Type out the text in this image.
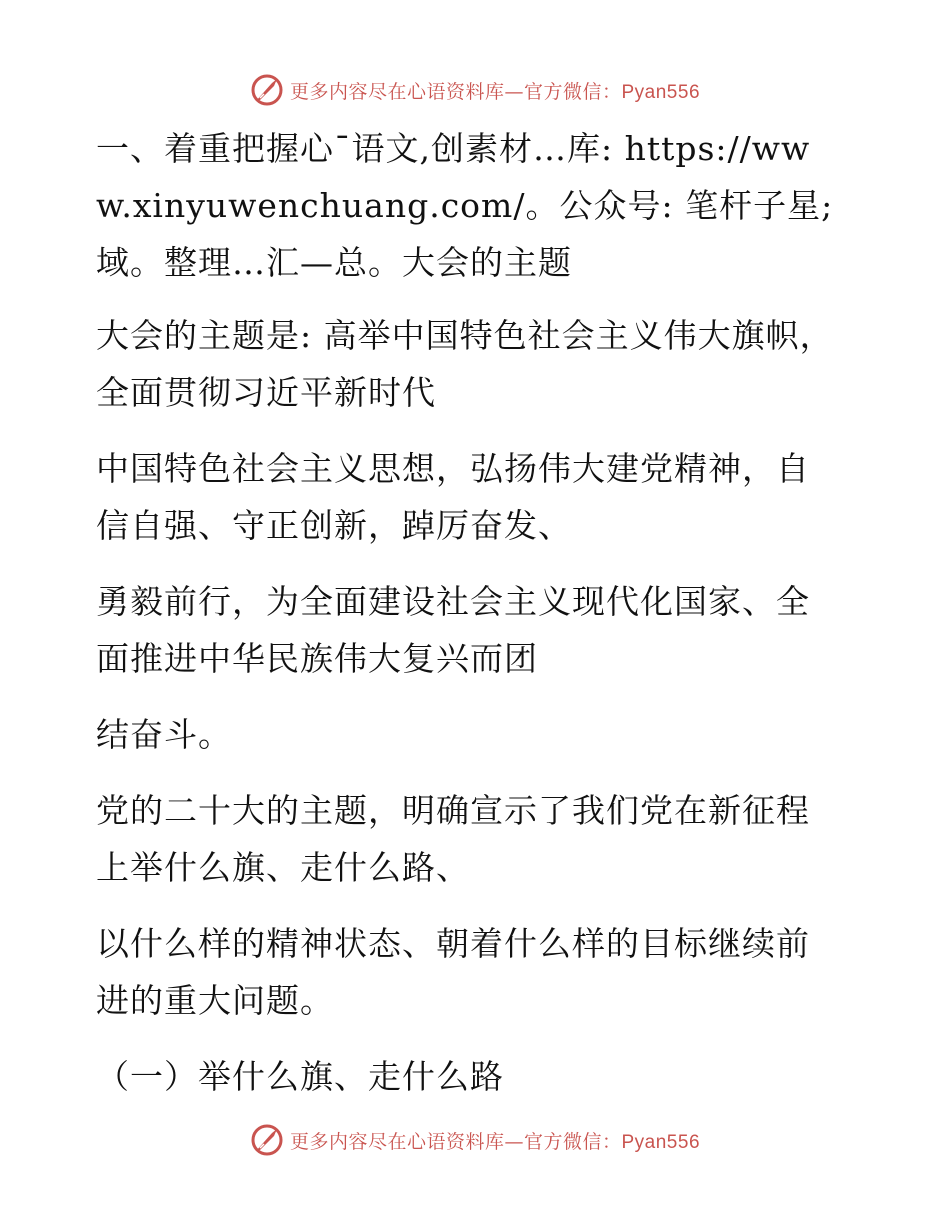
更多内容尽在心语资料库—官方微信：Pyan556

一、着重把握心¯语文,创素材…库: https://www.xinyuwenchuang.com/。公众号: 笔杆子星;域。整理…汇—总。大会的主题

大会的主题是: 高举中国特色社会主义伟大旗帜，全面贯彻习近平新时代

中国特色社会主义思想，弘扬伟大建党精神，自信自强、守正创新，踔厉奋发、

勇毅前行，为全面建设社会主义现代化国家、全面推进中华民族伟大复兴而团

结奋斗。

党的二十大的主题，明确宣示了我们党在新征程上举什么旗、走什么路、

以什么样的精神状态、朝着什么样的目标继续前进的重大问题。

（一）举什么旗、走什么路

更多内容尽在心语资料库—官方微信：Pyan556
